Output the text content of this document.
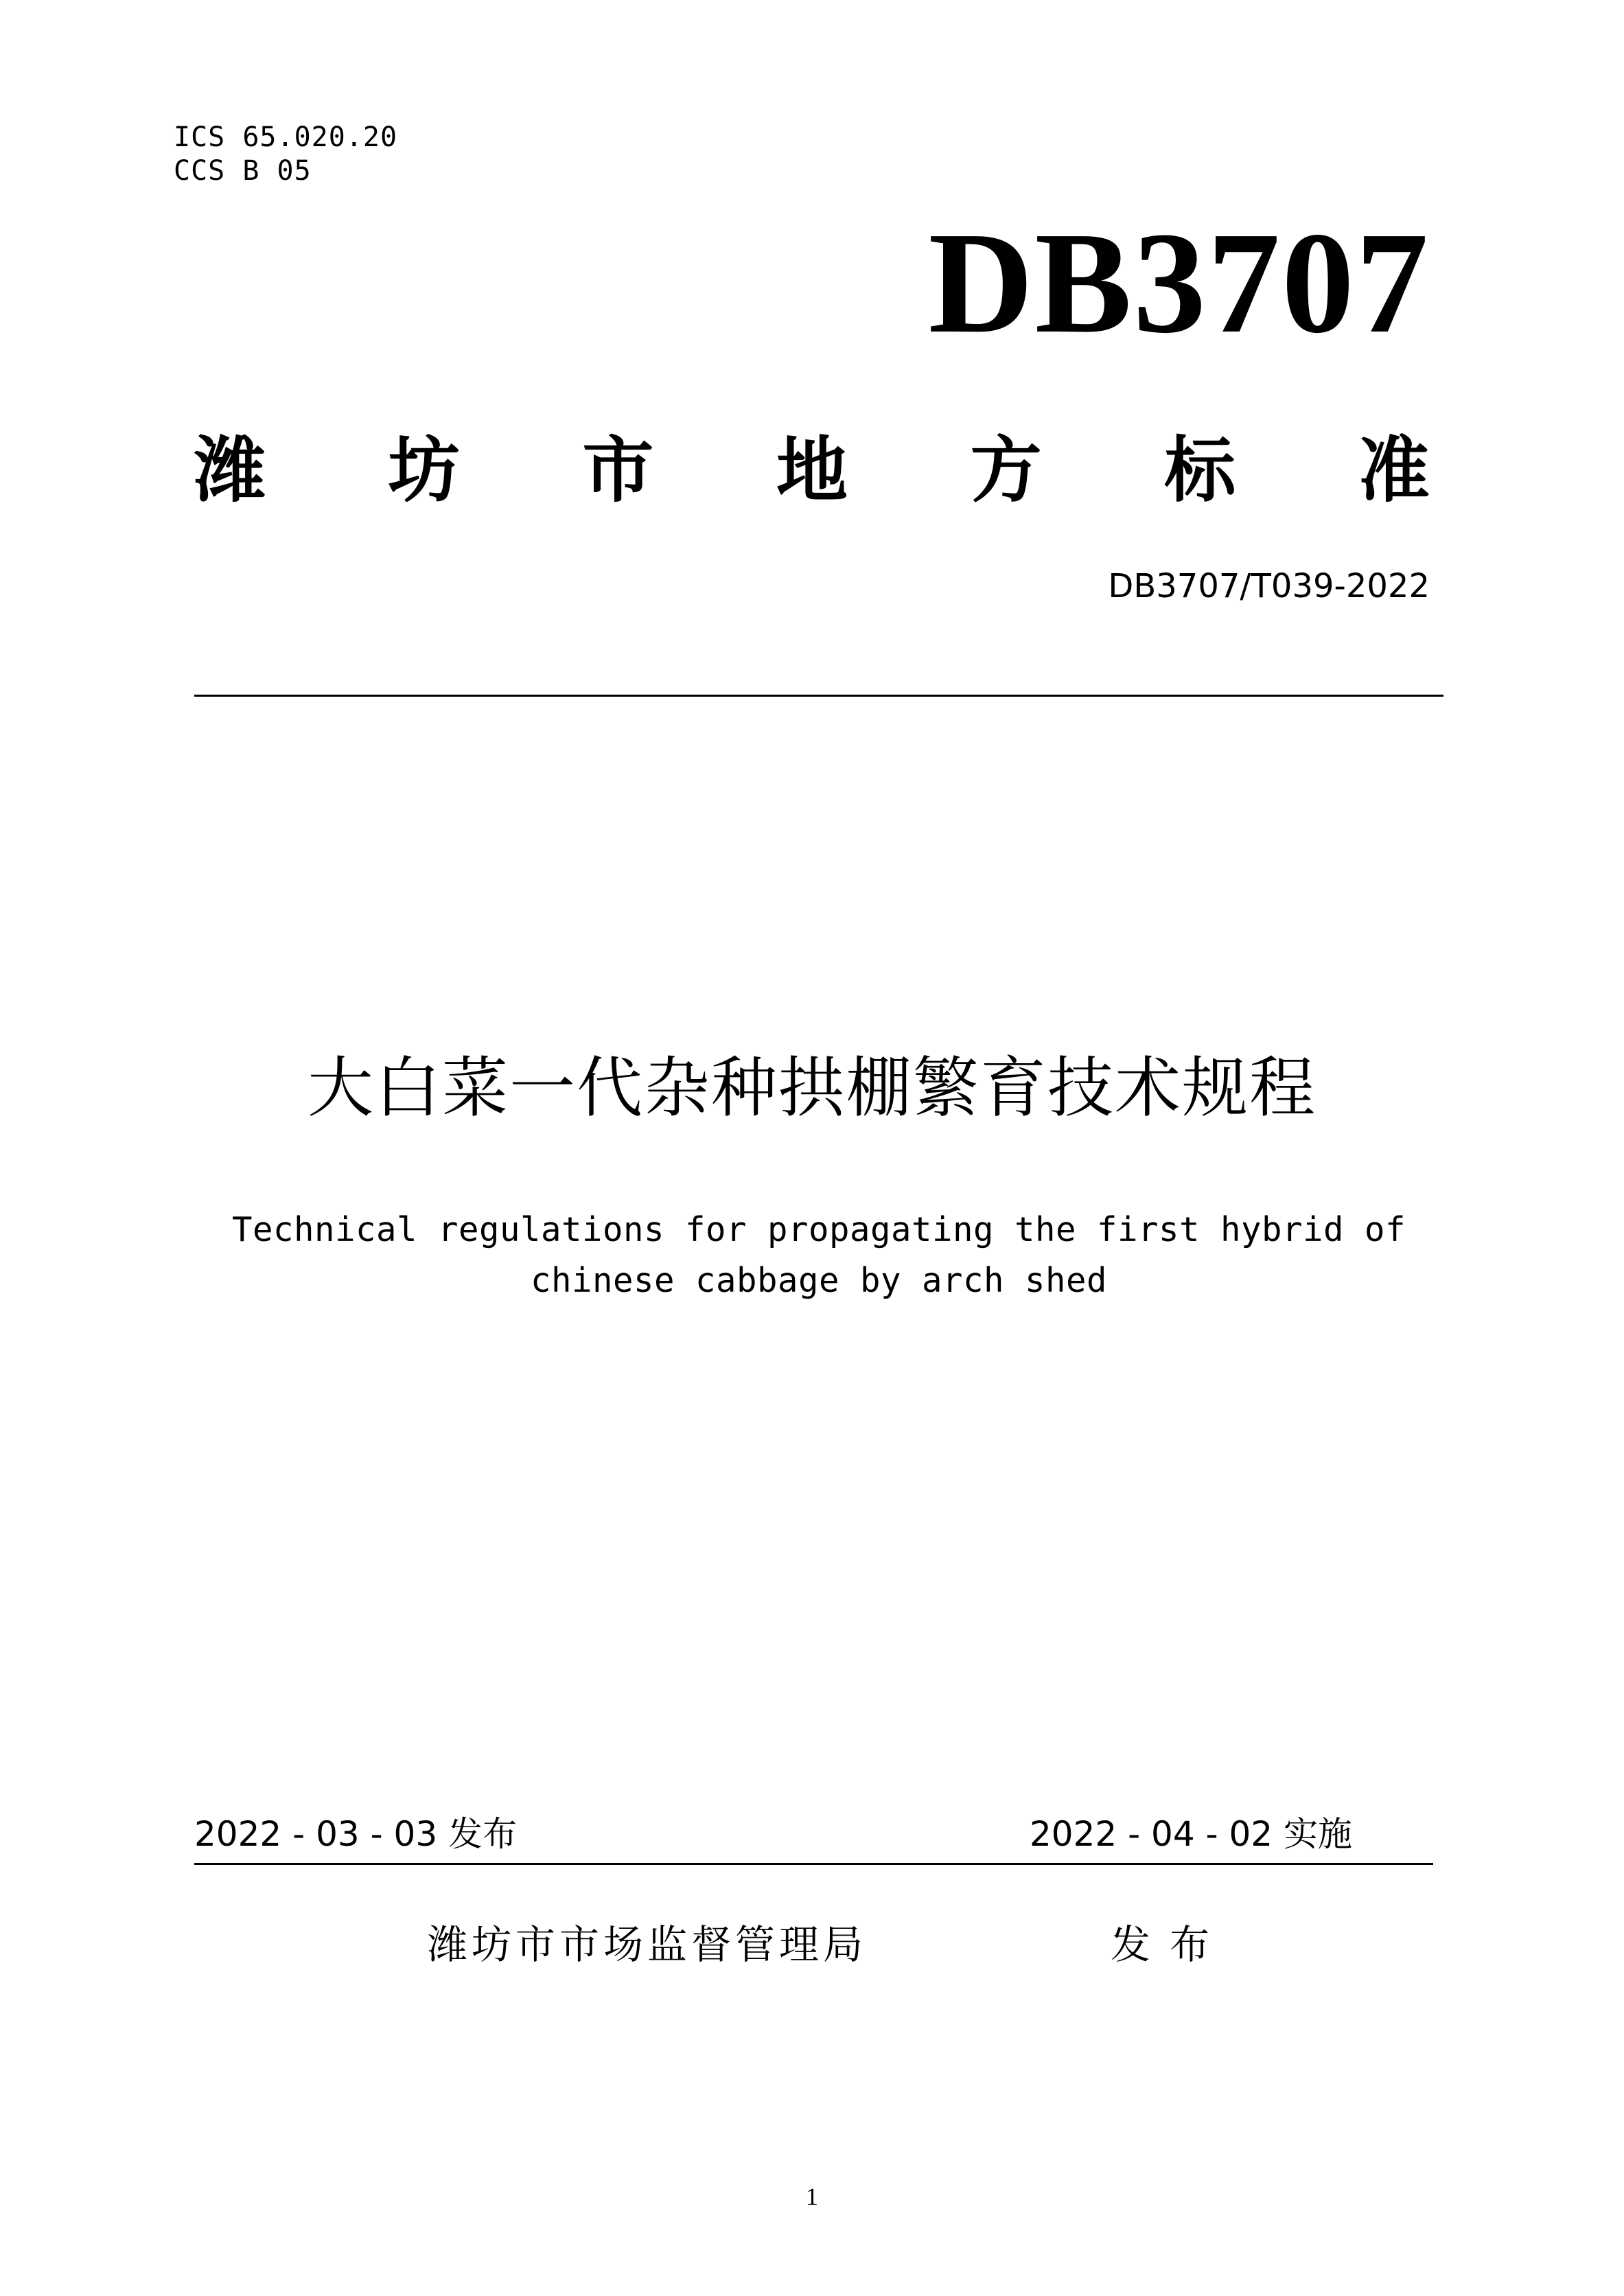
ICS 65.020.20
CCS B 05
DB3707
潍 坊 市 地 方 标 准
DB3707/T039-2022
大白菜一代杂种拱棚繁育技术规程
Technical regulations for propagating the first hybrid of chinese cabbage by arch shed
2022 - 03 - 03 发布	2022 - 04 - 02 实施
潍坊市市场监督管理局	发布
1
